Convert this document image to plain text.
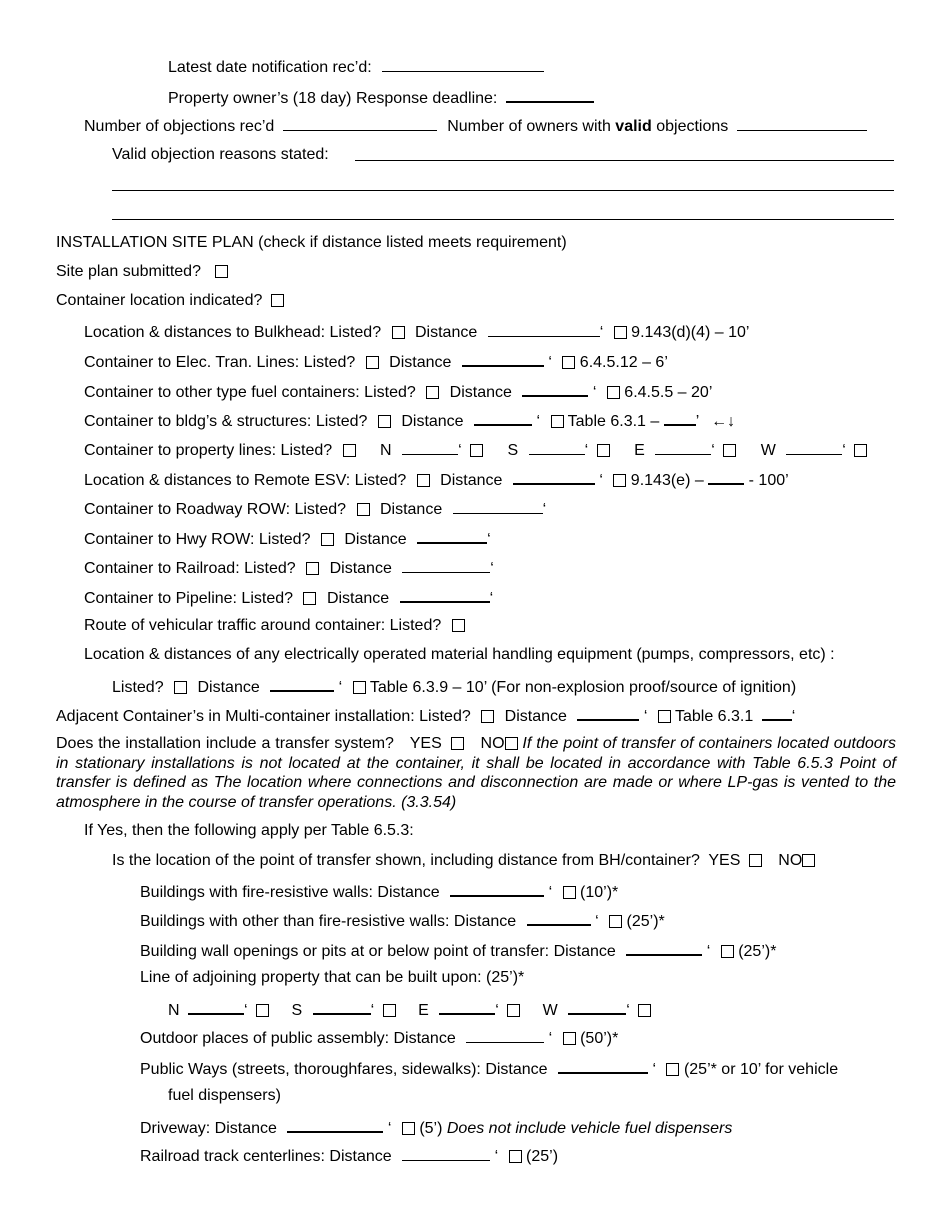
Latest date notification rec’d:
Property owner’s (18 day) Response deadline:
Number of objections rec’d	Number of owners with valid objections
Valid objection reasons stated:
INSTALLATION SITE PLAN (check if distance listed meets requirement)
Site plan submitted?
Container location indicated?
Location & distances to Bulkhead: Listed? Distance	‘ 9.143(d)(4) – 10’
Container to Elec. Tran. Lines: Listed? Distance	‘ 6.4.5.12 – 6’
Container to other type fuel containers: Listed? Distance	‘ 6.4.5.5 – 20’
Container to bldg’s & structures: Listed? Distance	‘ Table 6.3.1 – ’ ←↓
Container to property lines: Listed?	N	‘	S	‘	E	‘	W	‘
Location & distances to Remote ESV: Listed? Distance	‘ 9.143(e) –	- 100’
Container to Roadway ROW: Listed? Distance	‘
Container to Hwy ROW: Listed? Distance	‘
Container to Railroad: Listed? Distance	‘
Container to Pipeline: Listed? Distance	‘
Route of vehicular traffic around container: Listed?
Location & distances of any electrically operated material handling equipment (pumps, compressors, etc) :
Listed? Distance	‘ Table 6.3.9 – 10’ (For non-explosion proof/source of ignition)
Adjacent Container’s in Multi-container installation: Listed? Distance	‘ Table 6.3.1 ‘
Does the installation include a transfer system? YES NO If the point of transfer of containers located outdoors in stationary installations is not located at the container, it shall be located in accordance with Table 6.5.3 Point of transfer is defined as The location where connections and disconnection are made or where LP-gas is vented to the atmosphere in the course of transfer operations. (3.3.54)
If Yes, then the following apply per Table 6.5.3:
Is the location of the point of transfer shown, including distance from BH/container? YES NO
Buildings with fire-resistive walls: Distance	‘ (10’)*
Buildings with other than fire-resistive walls: Distance	‘ (25’)*
Building wall openings or pits at or below point of transfer: Distance	‘ (25’)*
Line of adjoining property that can be built upon: (25’)*
N	‘	S	‘	E	‘	W	‘
Outdoor places of public assembly: Distance	‘ (50’)*
Public Ways (streets, thoroughfares, sidewalks): Distance	‘ (25’* or 10’ for vehicle
fuel dispensers)
Driveway: Distance	‘ (5’) Does not include vehicle fuel dispensers
Railroad track centerlines: Distance	‘ (25’)
